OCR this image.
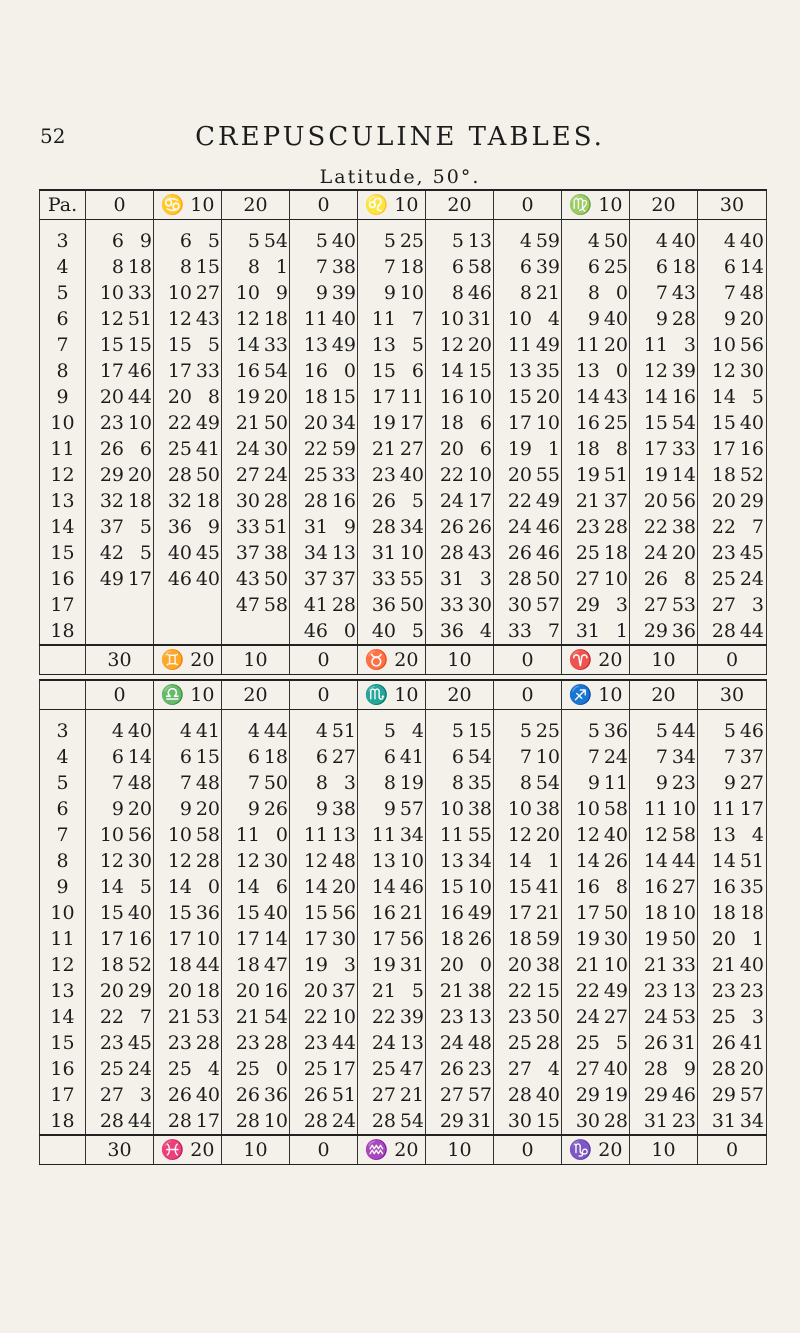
52	CREPUSCULINE TABLES.
Latitude, 50°.
Pa.	0	♋ 10	20	0	♌ 10	20	0	♍ 10	20	30

3	6 9	6 5	5 54	5 40	5 25	5 13	4 59	4 50	4 40	4 40
4	8 18	8 15	8 1	7 38	7 18	6 58	6 39	6 25	6 18	6 14
5	10 33	10 27	10 9	9 39	9 10	8 46	8 21	8 0	7 43	7 48
6	12 51	12 43	12 18	11 40	11 7	10 31	10 4	9 40	9 28	9 20
7	15 15	15 5	14 33	13 49	13 5	12 20	11 49	11 20	11 3	10 56
8	17 46	17 33	16 54	16 0	15 6	14 15	13 35	13 0	12 39	12 30
9	20 44	20 8	19 20	18 15	17 11	16 10	15 20	14 43	14 16	14 5
10	23 10	22 49	21 50	20 34	19 17	18 6	17 10	16 25	15 54	15 40
11	26 6	25 41	24 30	22 59	21 27	20 6	19 1	18 8	17 33	17 16
12	29 20	28 50	27 24	25 33	23 40	22 10	20 55	19 51	19 14	18 52
13	32 18	32 18	30 28	28 16	26 5	24 17	22 49	21 37	20 56	20 29
14	37 5	36 9	33 51	31 9	28 34	26 26	24 46	23 28	22 38	22 7
15	42 5	40 45	37 38	34 13	31 10	28 43	26 46	25 18	24 20	23 45
16	49 17	46 40	43 50	37 37	33 55	31 3	28 50	27 10	26 8	25 24
17			47 58	41 28	36 50	33 30	30 57	29 3	27 53	27 3
18				46 0	40 5	36 4	33 7	31 1	29 36	28 44
	30	♊ 20	10	0	♉ 20	10	0	♈ 20	10	0

	0	♎ 10	20	0	♏ 10	20	0	♐ 10	20	30

3	4 40	4 41	4 44	4 51	5 4	5 15	5 25	5 36	5 44	5 46
4	6 14	6 15	6 18	6 27	6 41	6 54	7 10	7 24	7 34	7 37
5	7 48	7 48	7 50	8 3	8 19	8 35	8 54	9 11	9 23	9 27
6	9 20	9 20	9 26	9 38	9 57	10 38	10 38	10 58	11 10	11 17
7	10 56	10 58	11 0	11 13	11 34	11 55	12 20	12 40	12 58	13 4
8	12 30	12 28	12 30	12 48	13 10	13 34	14 1	14 26	14 44	14 51
9	14 5	14 0	14 6	14 20	14 46	15 10	15 41	16 8	16 27	16 35
10	15 40	15 36	15 40	15 56	16 21	16 49	17 21	17 50	18 10	18 18
11	17 16	17 10	17 14	17 30	17 56	18 26	18 59	19 30	19 50	20 1
12	18 52	18 44	18 47	19 3	19 31	20 0	20 38	21 10	21 33	21 40
13	20 29	20 18	20 16	20 37	21 5	21 38	22 15	22 49	23 13	23 23
14	22 7	21 53	21 54	22 10	22 39	23 13	23 50	24 27	24 53	25 3
15	23 45	23 28	23 28	23 44	24 13	24 48	25 28	25 5	26 31	26 41
16	25 24	25 4	25 0	25 17	25 47	26 23	27 4	27 40	28 9	28 20
17	27 3	26 40	26 36	26 51	27 21	27 57	28 40	29 19	29 46	29 57
18	28 44	28 17	28 10	28 24	28 54	29 31	30 15	30 28	31 23	31 34
	30	♓ 20	10	0	♒ 20	10	0	♑ 20	10	0
